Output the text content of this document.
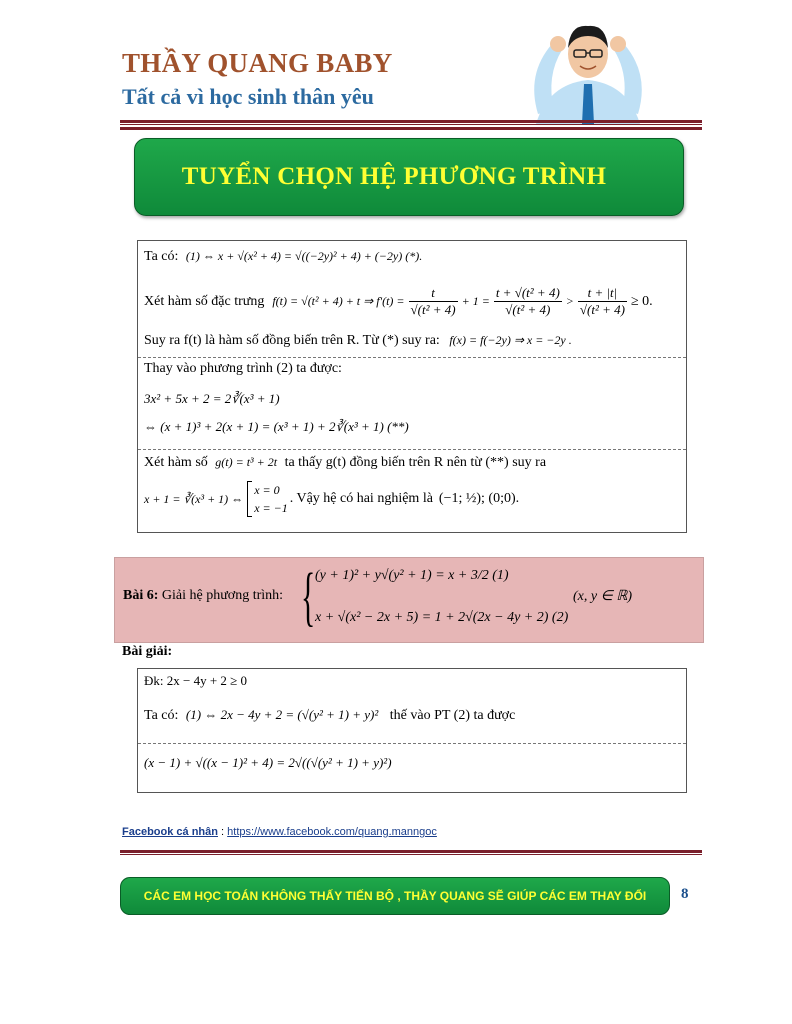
THẦY QUANG BABY
Tất cả vì học sinh thân yêu
TUYỂN CHỌN HỆ PHƯƠNG TRÌNH
Ta có: (1) ⇔ x + √(x² + 4) = √((−2y)² + 4) + (−2y) (*).
Xét hàm số đặc trưng f(t) = √(t² + 4) + t ⇒ $f'(t) = \frac{t}{\text{√(t² + 4)}} + 1 = \frac{\text{t + √(t² + 4)}}{\text{√(t² + 4)}} > \frac{t + |t|}{\text{√(t² + 4)}} \ge 0$.
Suy ra f(t) là hàm số đồng biến trên R. Từ (*) suy ra: f(x) = f(−2y) ⇒ x = −2y .
Thay vào phương trình (2) ta được:
3x² + 5x + 2 = 2∛(x³ + 1)
⇔ (x + 1)³ + 2(x + 1) = (x³ + 1) + 2∛(x³ + 1) (**)
Xét hàm số g(t) = t³ + 2t ta thấy g(t) đồng biến trên R nên từ (**) suy ra
x + 1 = ∛(x³ + 1) ⇔
x = 0
x = −1
. Vậy hệ có hai nghiệm là (−1; ½); (0;0).
Bài 6: Giải hệ phương trình: { (y + 1)² + y√(y² + 1) = x + 3/2 (1)
x + √(x² − 2x + 5) = 1 + 2√(2x − 4y + 2) (2)
(x, y ∈ ℝ)
Bài giải:
Đk: 2x − 4y + 2 ≥ 0
Ta có: (1) ⇔ 2x − 4y + 2 = (√(y² + 1) + y)² thế vào PT (2) ta được
(x − 1) + √((x − 1)² + 4) = 2√((√(y² + 1) + y)²)
Facebook cá nhân : https://www.facebook.com/quang.manngoc
CÁC EM HỌC TOÁN KHÔNG THẤY TIẾN BỘ , THẦY QUANG SẼ GIÚP CÁC EM THAY ĐỔI 8
